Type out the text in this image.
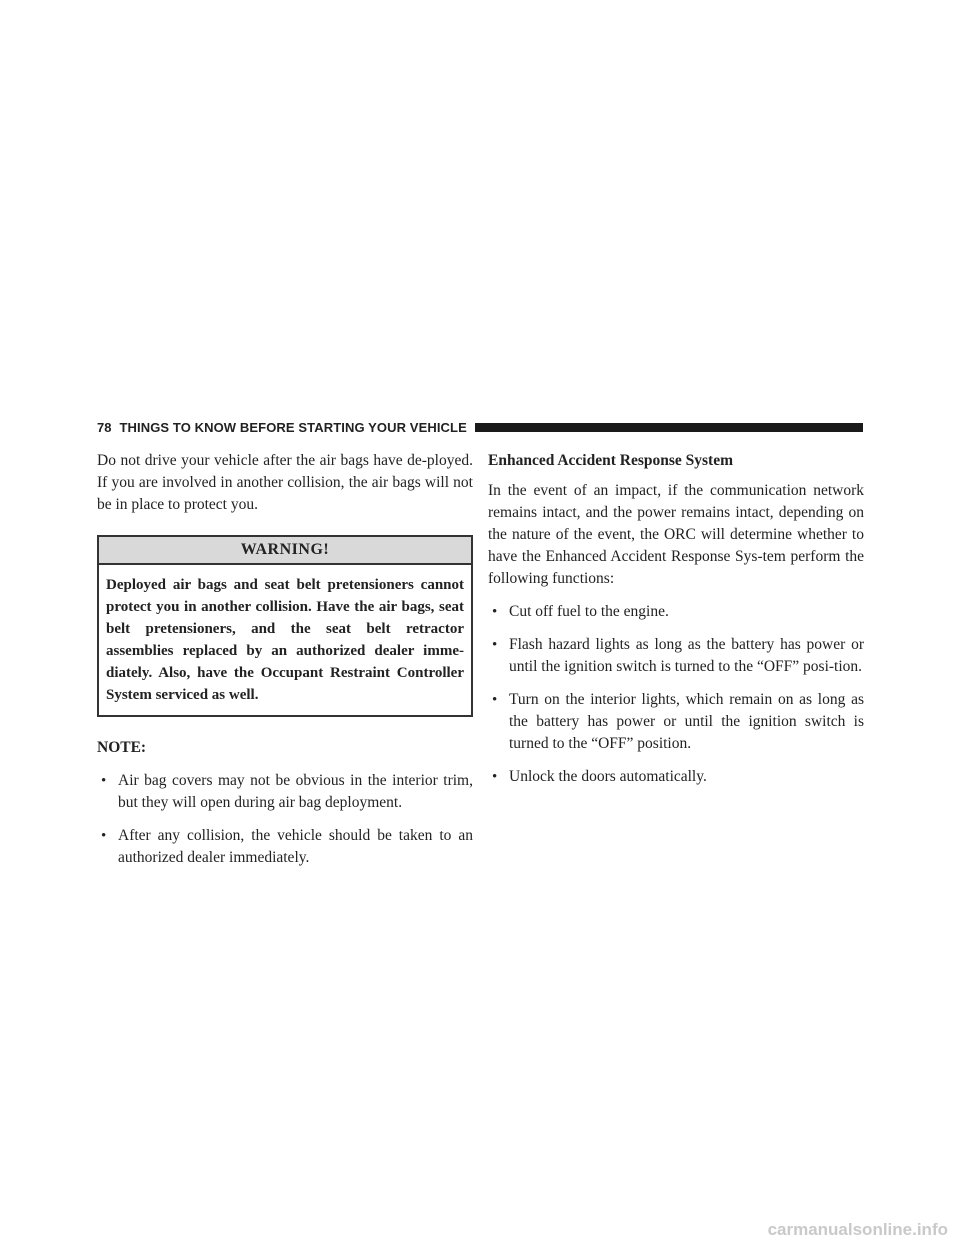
78 THINGS TO KNOW BEFORE STARTING YOUR VEHICLE

Do not drive your vehicle after the air bags have de-ployed. If you are involved in another collision, the air bags will not be in place to protect you.

WARNING!
Deployed air bags and seat belt pretensioners cannot protect you in another collision. Have the air bags, seat belt pretensioners, and the seat belt retractor assemblies replaced by an authorized dealer imme-diately. Also, have the Occupant Restraint Controller System serviced as well.
NOTE:
• Air bag covers may not be obvious in the interior trim, but they will open during air bag deployment.
• After any collision, the vehicle should be taken to an authorized dealer immediately.
Enhanced Accident Response System

In the event of an impact, if the communication network remains intact, and the power remains intact, depending on the nature of the event, the ORC will determine whether to have the Enhanced Accident Response Sys-tem perform the following functions:

• Cut off fuel to the engine.
• Flash hazard lights as long as the battery has power or until the ignition switch is turned to the “OFF” posi-tion.
• Turn on the interior lights, which remain on as long as the battery has power or until the ignition switch is turned to the “OFF” position.
• Unlock the doors automatically.
carmanualsonline.info
